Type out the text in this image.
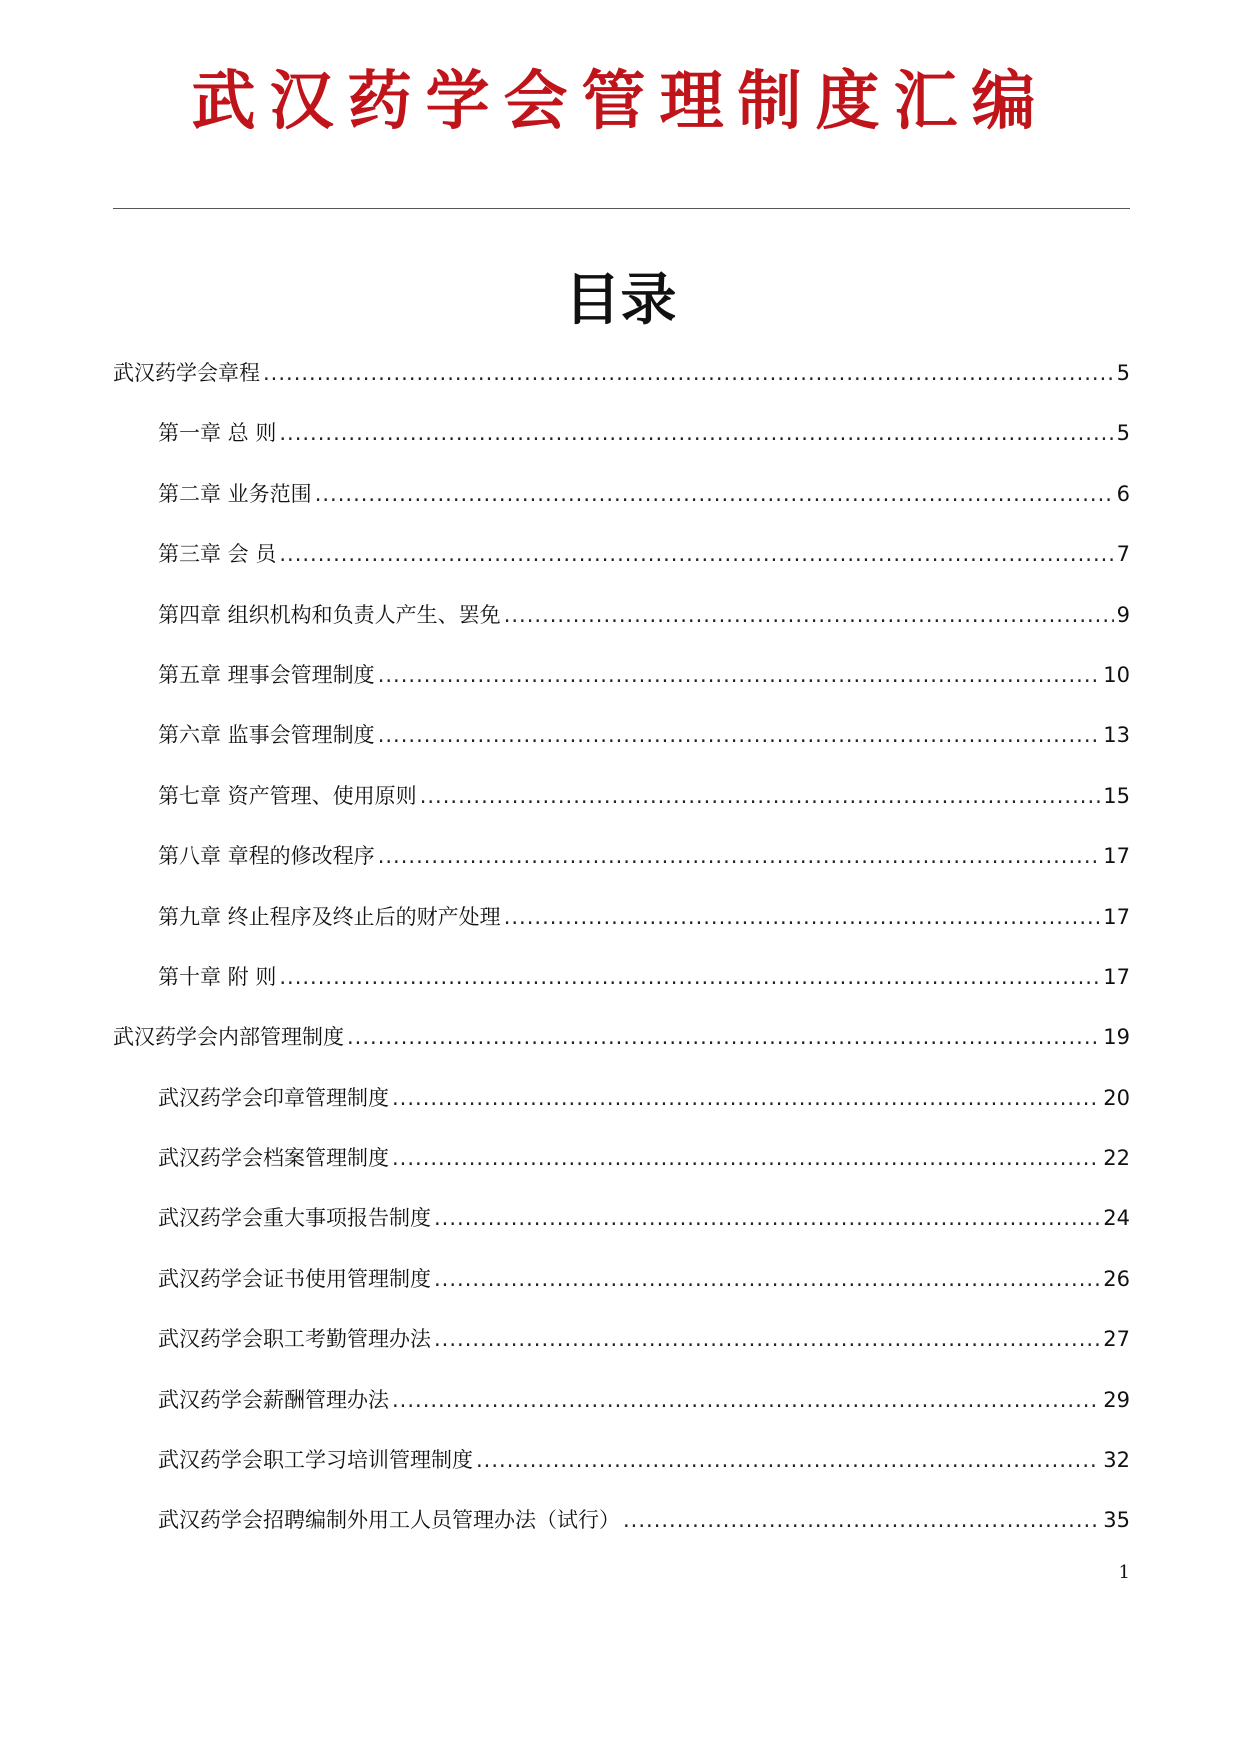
武汉药学会管理制度汇编
目录
武汉药学会章程 .....	5
第一章 总 则 .....	5
第二章 业务范围 .....	6
第三章 会 员 .....	7
第四章 组织机构和负责人产生、罢免 .....	9
第五章 理事会管理制度 .....	10
第六章 监事会管理制度 .....	13
第七章 资产管理、使用原则 .....	15
第八章 章程的修改程序 .....	17
第九章 终止程序及终止后的财产处理 .....	17
第十章 附 则 .....	17
武汉药学会内部管理制度 .....	19
武汉药学会印章管理制度 .....	20
武汉药学会档案管理制度 .....	22
武汉药学会重大事项报告制度 .....	24
武汉药学会证书使用管理制度 .....	26
武汉药学会职工考勤管理办法 .....	27
武汉药学会薪酬管理办法 .....	29
武汉药学会职工学习培训管理制度 .....	32
武汉药学会招聘编制外用工人员管理办法（试行） .....	35
1
